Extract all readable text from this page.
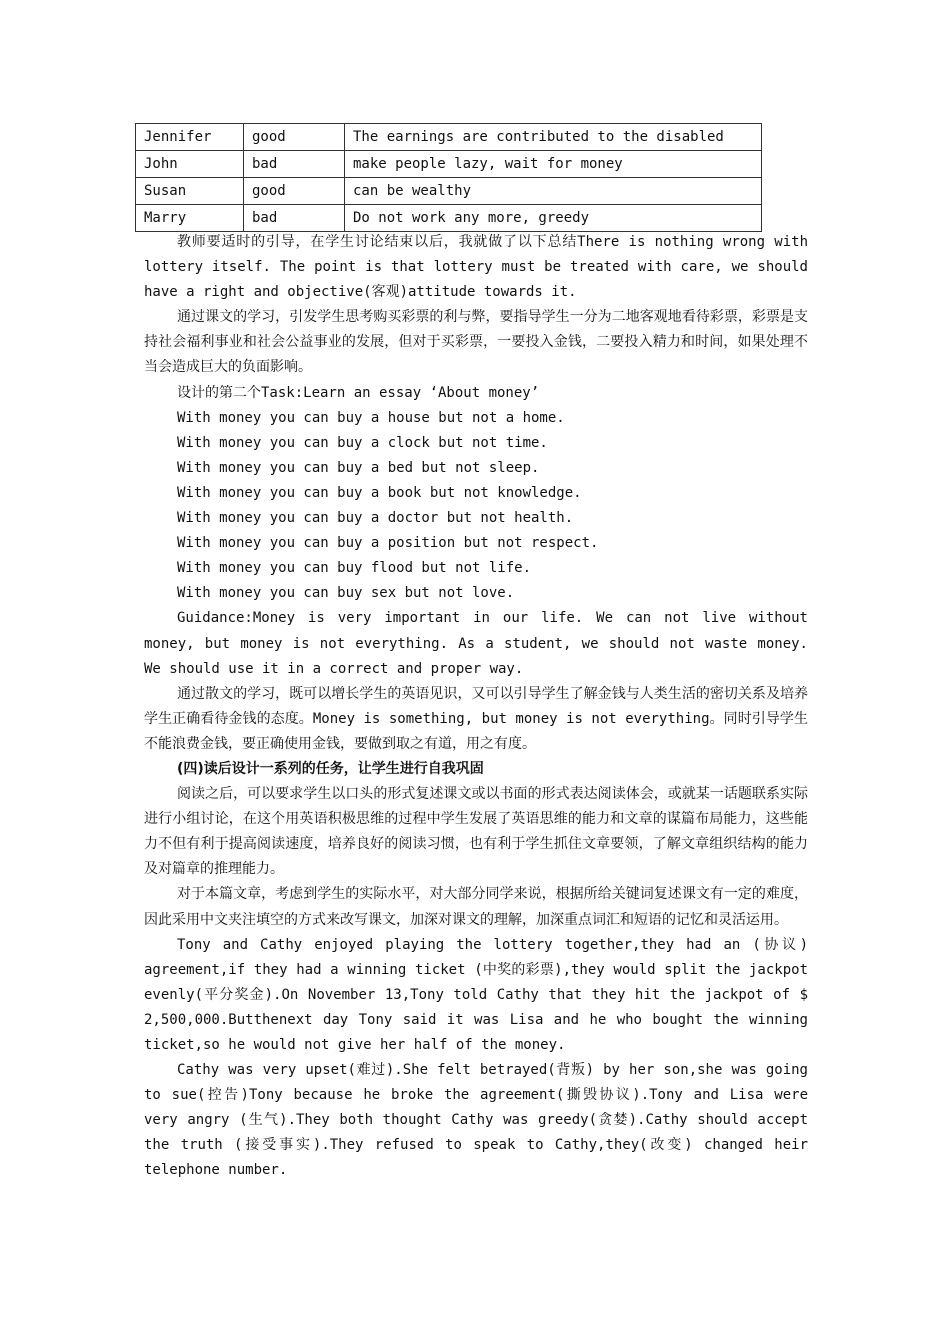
Jennifer	good	The earnings are contributed to the disabled
John	bad	make people lazy, wait for money
Susan	good	can be wealthy
Marry	bad	Do not work any more, greedy

教师要适时的引导，在学生讨论结束以后，我就做了以下总结There is nothing wrong with lottery itself. The point is that lottery must be treated with care, we should have a right and objective(客观)attitude towards it.

通过课文的学习，引发学生思考购买彩票的利与弊，要指导学生一分为二地客观地看待彩票，彩票是支持社会福利事业和社会公益事业的发展，但对于买彩票，一要投入金钱，二要投入精力和时间，如果处理不当会造成巨大的负面影响。

设计的第二个Task:Learn an essay ‘About money’

With money you can buy a house but not a home.

With money you can buy a clock but not time.

With money you can buy a bed but not sleep.

With money you can buy a book but not knowledge.

With money you can buy a doctor but not health.

With money you can buy a position but not respect.

With money you can buy flood but not life.

With money you can buy sex but not love.

Guidance:Money is very important in our life. We can not live without money, but money is not everything. As a student, we should not waste money. We should use it in a correct and proper way.

通过散文的学习，既可以增长学生的英语见识，又可以引导学生了解金钱与人类生活的密切关系及培养学生正确看待金钱的态度。Money is something, but money is not everything。同时引导学生不能浪费金钱，要正确使用金钱，要做到取之有道，用之有度。

(四)读后设计一系列的任务，让学生进行自我巩固

阅读之后，可以要求学生以口头的形式复述课文或以书面的形式表达阅读体会，或就某一话题联系实际进行小组讨论，在这个用英语积极思维的过程中学生发展了英语思维的能力和文章的谋篇布局能力，这些能力不但有利于提高阅读速度，培养良好的阅读习惯，也有利于学生抓住文章要领，了解文章组织结构的能力及对篇章的推理能力。

对于本篇文章，考虑到学生的实际水平，对大部分同学来说，根据所给关键词复述课文有一定的难度，因此采用中文夹注填空的方式来改写课文，加深对课文的理解，加深重点词汇和短语的记忆和灵活运用。

Tony and Cathy enjoyed playing the lottery together,they had an (协议) agreement,if they had a winning ticket (中奖的彩票),they would split the jackpot evenly(平分奖金).On November 13,Tony told Cathy that they hit the jackpot of $ 2,500,000.Butthenext day Tony said it was Lisa and he who bought the winning ticket,so he would not give her half of the money.

Cathy was very upset(难过).She felt betrayed(背叛) by her son,she was going to sue(控告)Tony because he broke the agreement(撕毁协议).Tony and Lisa were very angry (生气).They both thought Cathy was greedy(贪婪).Cathy should accept the truth (接受事实).They refused to speak to Cathy,they(改变) changed heir telephone number.
